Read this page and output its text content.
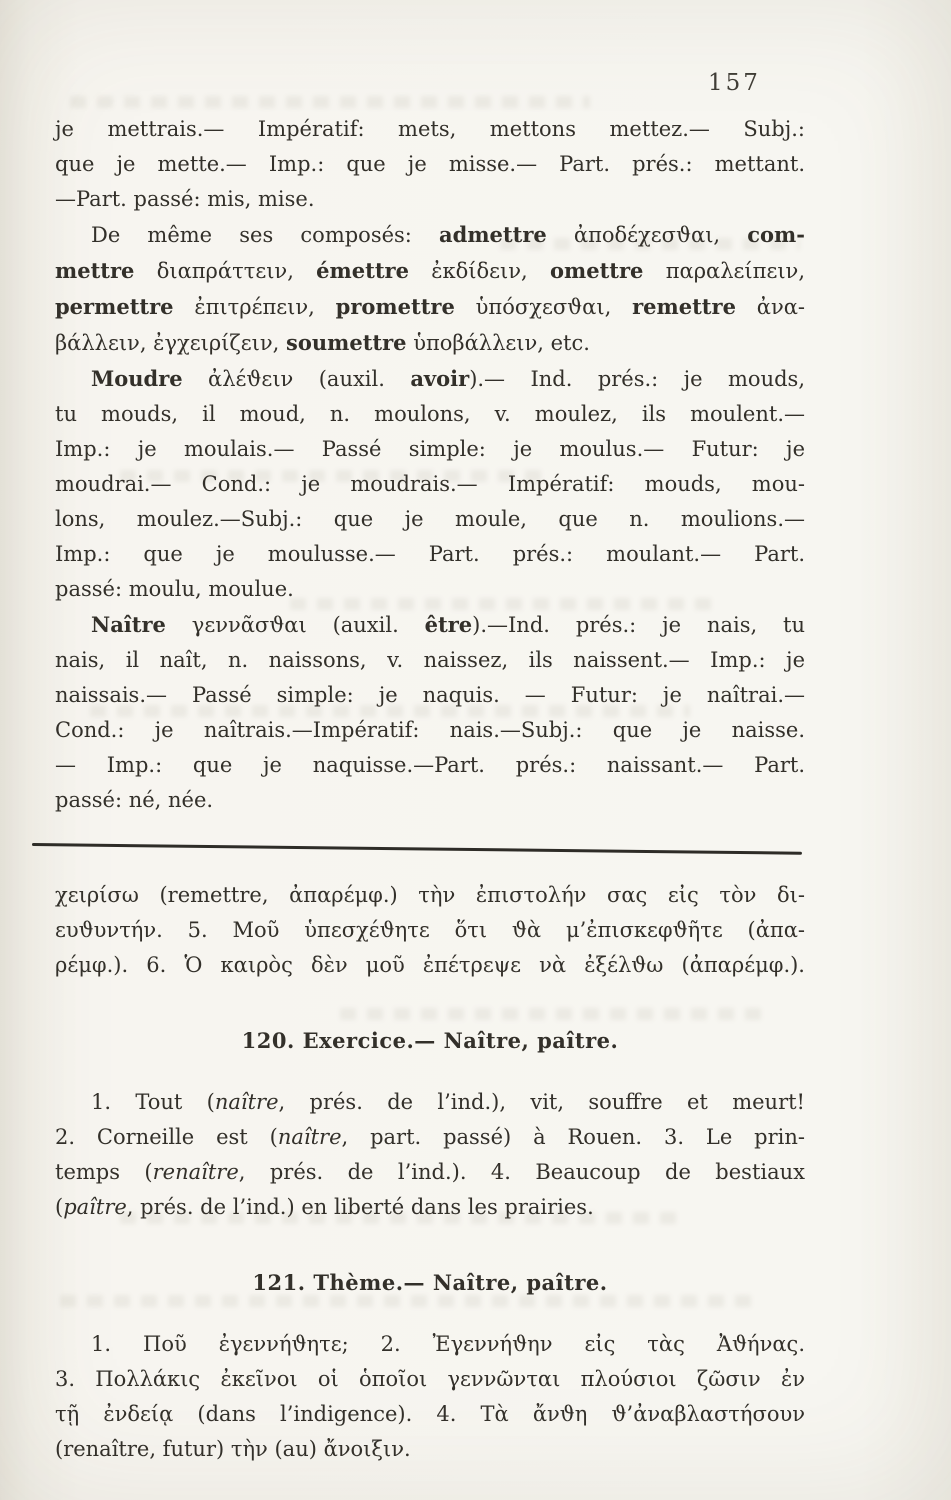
157
je mettrais.— Impératif: mets, mettons mettez.— Subj.:
que je mette.— Imp.: que je misse.— Part. prés.: mettant.
—Part. passé: mis, mise.
De même ses composés: admettre ἀποδέχεσϑαι, com-
mettre διαπράττειν, émettre ἐκδίδειν, omettre παραλείπειν,
permettre ἐπιτρέπειν, promettre ὑπόσχεσϑαι, remettre ἀνα-
βάλλειν, ἐγχειρίζειν, soumettre ὑποβάλλειν, etc.
Moudre ἀλέϑειν (auxil. avoir).— Ind. prés.: je mouds,
tu mouds, il moud, n. moulons, v. moulez, ils moulent.—
Imp.: je moulais.— Passé simple: je moulus.— Futur: je
moudrai.— Cond.: je moudrais.— Impératif: mouds, mou-
lons, moulez.—Subj.: que je moule, que n. moulions.—
Imp.: que je moulusse.— Part. prés.: moulant.— Part.
passé: moulu, moulue.
Naître γεννᾶσϑαι (auxil. être).—Ind. prés.: je nais, tu
nais, il naît, n. naissons, v. naissez, ils naissent.— Imp.: je
naissais.— Passé simple: je naquis. — Futur: je naîtrai.—
Cond.: je naîtrais.—Impératif: nais.—Subj.: que je naisse.
— Imp.: que je naquisse.—Part. prés.: naissant.— Part.
passé: né, née.
χειρίσω (remettre, ἀπαρέμφ.) τὴν ἐπιστολήν σας εἰς τὸν δι-
ευϑυντήν. 5. Μοῦ ὑπεσχέϑητε ὅτι ϑὰ μ’ἐπισκεφϑῆτε (ἀπα-
ρέμφ.). 6. Ὁ καιρὸς δὲν μοῦ ἐπέτρεψε νὰ ἐξέλϑω (ἀπαρέμφ.).
120. Exercice.— Naître, paître.
1. Tout (naître, prés. de l’ind.), vit, souffre et meurt!
2. Corneille est (naître, part. passé) à Rouen. 3. Le prin-
temps (renaître, prés. de l’ind.). 4. Beaucoup de bestiaux
(paître, prés. de l’ind.) en liberté dans les prairies.
121. Thème.— Naître, paître.
1. Ποῦ ἐγεννήϑητε; 2. Ἐγεννήϑην εἰς τὰς Ἀϑήνας.
3. Πολλάκις ἐκεῖνοι οἱ ὁποῖοι γεννῶνται πλούσιοι ζῶσιν ἐν
τῇ ἐνδείᾳ (dans l’indigence). 4. Τὰ ἄνϑη ϑ’ἀναβλαστήσουν
(renaître, futur) τὴν (au) ἄνοιξιν.
